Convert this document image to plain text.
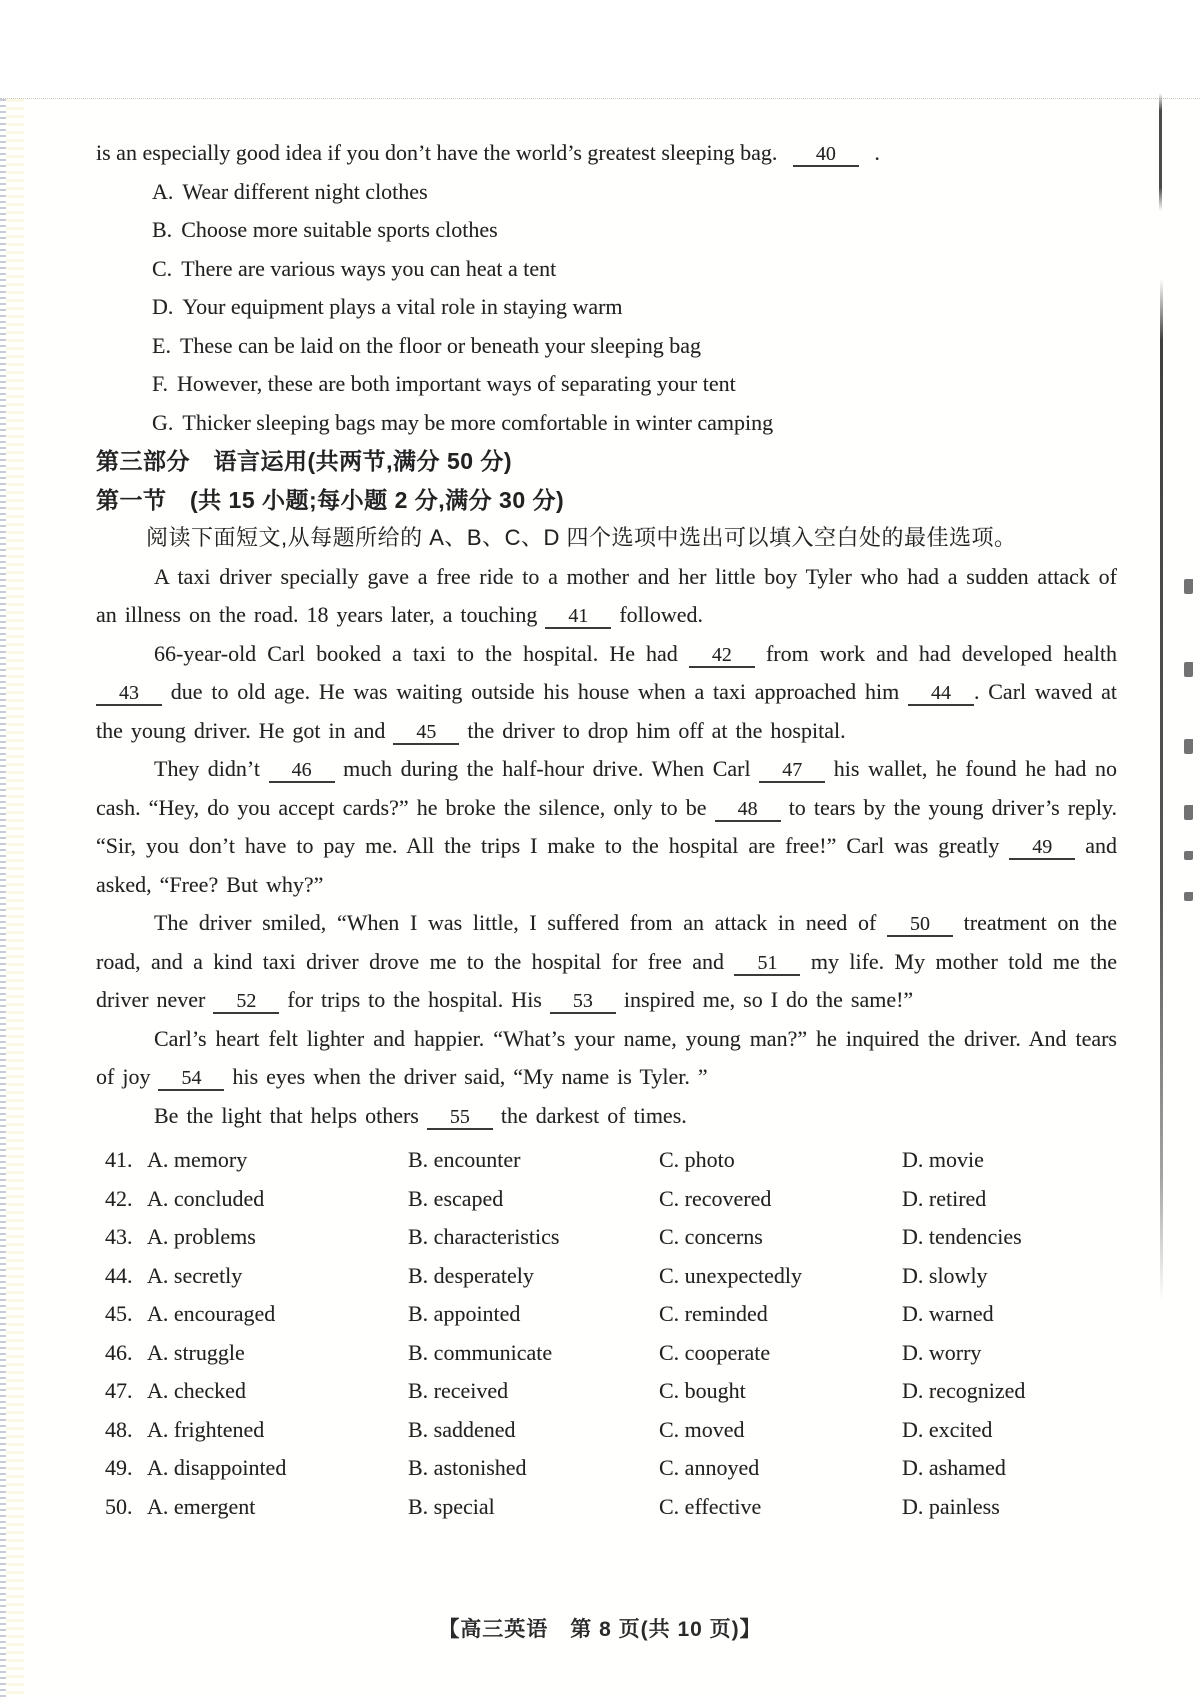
is an especially good idea if you don’t have the world’s greatest sleeping bag. 40 .
A. Wear different night clothes
B. Choose more suitable sports clothes
C. There are various ways you can heat a tent
D. Your equipment plays a vital role in staying warm
E. These can be laid on the floor or beneath your sleeping bag
F. However, these are both important ways of separating your tent
G. Thicker sleeping bags may be more comfortable in winter camping
第三部分　语言运用(共两节,满分 50 分)
第一节　(共 15 小题;每小题 2 分,满分 30 分)

阅读下面短文,从每题所给的 A、B、C、D 四个选项中选出可以填入空白处的最佳选项。

A taxi driver specially gave a free ride to a mother and her little boy Tyler who had a sudden attack of an illness on the road. 18 years later, a touching 41 followed.

66-year-old Carl booked a taxi to the hospital. He had 42 from work and had developed health 43 due to old age. He was waiting outside his house when a taxi approached him 44 . Carl waved at the young driver. He got in and 45 the driver to drop him off at the hospital.

They didn’t 46 much during the half-hour drive. When Carl 47 his wallet, he found he had no cash. “Hey, do you accept cards?” he broke the silence, only to be 48 to tears by the young driver’s reply. “Sir, you don’t have to pay me. All the trips I make to the hospital are free!” Carl was greatly 49 and asked, “Free? But why?”

The driver smiled, “When I was little, I suffered from an attack in need of 50 treatment on the road, and a kind taxi driver drove me to the hospital for free and 51 my life. My mother told me the driver never 52 for trips to the hospital. His 53 inspired me, so I do the same!”

Carl’s heart felt lighter and happier. “What’s your name, young man?” he inquired the driver. And tears of joy 54 his eyes when the driver said, “My name is Tyler. ”

Be the light that helps others 55 the darkest of times.

41. A. memory	B. encounter	C. photo	D. movie
42. A. concluded	B. escaped	C. recovered	D. retired
43. A. problems	B. characteristics	C. concerns	D. tendencies
44. A. secretly	B. desperately	C. unexpectedly	D. slowly
45. A. encouraged	B. appointed	C. reminded	D. warned
46. A. struggle	B. communicate	C. cooperate	D. worry
47. A. checked	B. received	C. bought	D. recognized
48. A. frightened	B. saddened	C. moved	D. excited
49. A. disappointed	B. astonished	C. annoyed	D. ashamed
50. A. emergent	B. special	C. effective	D. painless
【高三英语　第 8 页(共 10 页)】
